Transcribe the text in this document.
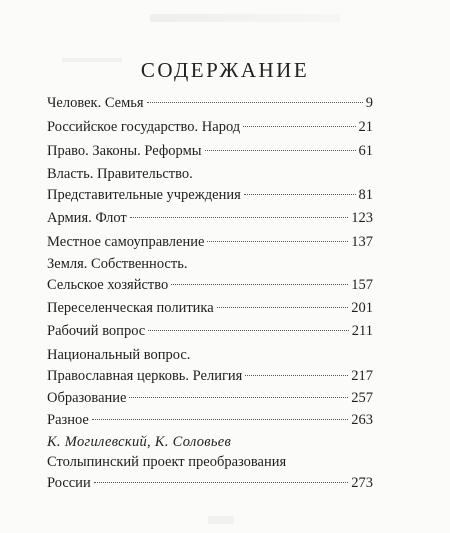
СОДЕРЖАНИЕ
Человек. Семья	9
Российское государство. Народ	21
Право. Законы. Реформы	61
Власть. Правительство.
Представительные учреждения	81
Армия. Флот	123
Местное самоуправление	137
Земля. Собственность.
Сельское хозяйство	157
Переселенческая политика	201
Рабочий вопрос	211
Национальный вопрос.
Православная церковь. Религия	217
Образование	257
Разное	263
К. Могилевский, К. Соловьев
Столыпинский проект преобразования
России	273
